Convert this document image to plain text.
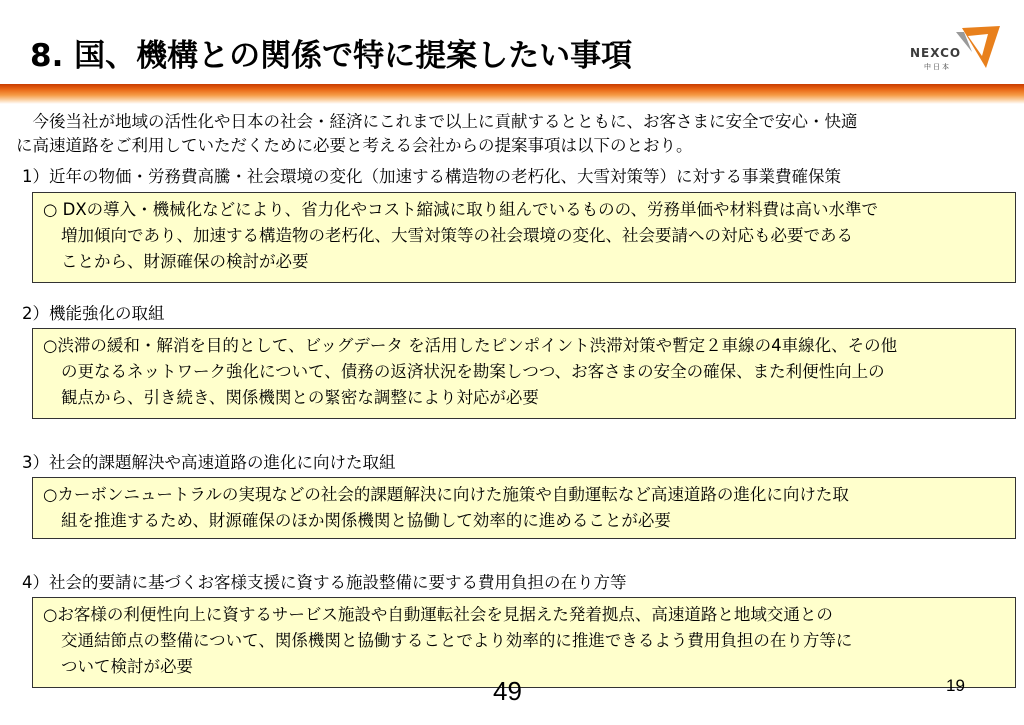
8. 国、機構との関係で特に提案したい事項	NEXCO
中日本
　今後当社が地域の活性化や日本の社会・経済にこれまで以上に貢献するとともに、お客さまに安全で安心・快適
に高速道路をご利用していただくために必要と考える会社からの提案事項は以下のとおり。
1）近年の物価・労務費高騰・社会環境の変化（加速する構造物の老朽化、大雪対策等）に対する事業費確保策
○ DXの導入・機械化などにより、省力化やコスト縮減に取り組んでいるものの、労務単価や材料費は高い水準で
増加傾向であり、加速する構造物の老朽化、大雪対策等の社会環境の変化、社会要請への対応も必要である
ことから、財源確保の検討が必要
2）機能強化の取組
○渋滞の緩和・解消を目的として、ビッグデータ を活用したピンポイント渋滞対策や暫定２車線の4車線化、その他
の更なるネットワーク強化について、債務の返済状況を勘案しつつ、お客さまの安全の確保、また利便性向上の
観点から、引き続き、関係機関との緊密な調整により対応が必要
3）社会的課題解決や高速道路の進化に向けた取組
○カーボンニュートラルの実現などの社会的課題解決に向けた施策や自動運転など高速道路の進化に向けた取
組を推進するため、財源確保のほか関係機関と協働して効率的に進めることが必要
4）社会的要請に基づくお客様支援に資する施設整備に要する費用負担の在り方等
○お客様の利便性向上に資するサービス施設や自動運転社会を見据えた発着拠点、高速道路と地域交通との
交通結節点の整備について、関係機関と協働することでより効率的に推進できるよう費用負担の在り方等に
ついて検討が必要
49	19
